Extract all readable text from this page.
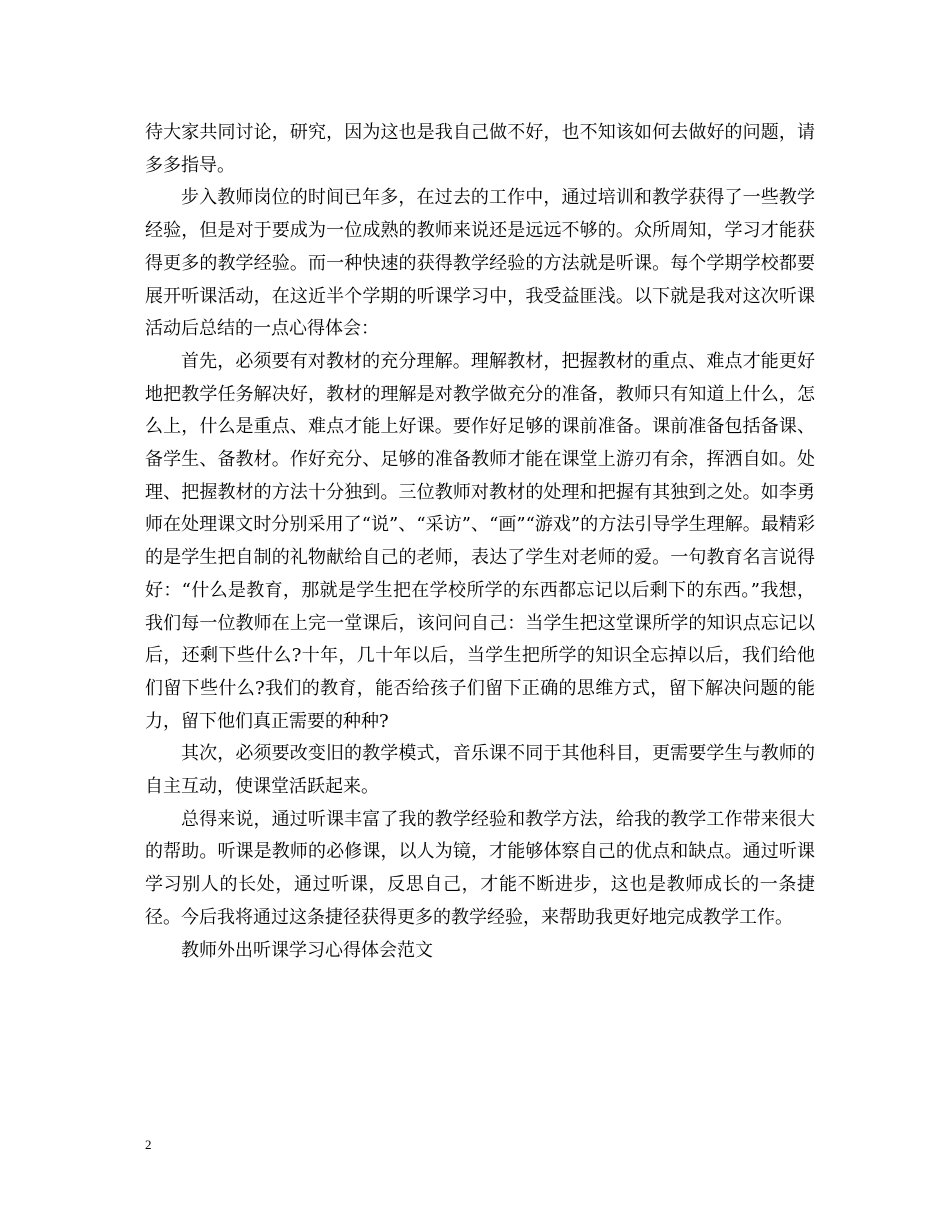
待大家共同讨论，研究，因为这也是我自己做不好，也不知该如何去做好的问题，请多多指导。

步入教师岗位的时间已年多，在过去的工作中，通过培训和教学获得了一些教学经验，但是对于要成为一位成熟的教师来说还是远远不够的。众所周知，学习才能获得更多的教学经验。而一种快速的获得教学经验的方法就是听课。每个学期学校都要展开听课活动，在这近半个学期的听课学习中，我受益匪浅。以下就是我对这次听课活动后总结的一点心得体会：

首先，必须要有对教材的充分理解。理解教材，把握教材的重点、难点才能更好地把教学任务解决好，教材的理解是对教学做充分的准备，教师只有知道上什么，怎么上，什么是重点、难点才能上好课。要作好足够的课前准备。课前准备包括备课、备学生、备教材。作好充分、足够的准备教师才能在课堂上游刃有余，挥洒自如。处理、把握教材的方法十分独到。三位教师对教材的处理和把握有其独到之处。如李勇师在处理课文时分别采用了“说”、“采访”、“画”“游戏”的方法引导学生理解。最精彩的是学生把自制的礼物献给自己的老师，表达了学生对老师的爱。一句教育名言说得好：“什么是教育，那就是学生把在学校所学的东西都忘记以后剩下的东西。”我想，我们每一位教师在上完一堂课后，该问问自己：当学生把这堂课所学的知识点忘记以后，还剩下些什么?十年，几十年以后，当学生把所学的知识全忘掉以后，我们给他们留下些什么?我们的教育，能否给孩子们留下正确的思维方式，留下解决问题的能力，留下他们真正需要的种种?

其次，必须要改变旧的教学模式，音乐课不同于其他科目，更需要学生与教师的自主互动，使课堂活跃起来。

总得来说，通过听课丰富了我的教学经验和教学方法，给我的教学工作带来很大的帮助。听课是教师的必修课，以人为镜，才能够体察自己的优点和缺点。通过听课学习别人的长处，通过听课，反思自己，才能不断进步，这也是教师成长的一条捷径。今后我将通过这条捷径获得更多的教学经验，来帮助我更好地完成教学工作。

教师外出听课学习心得体会范文

2
